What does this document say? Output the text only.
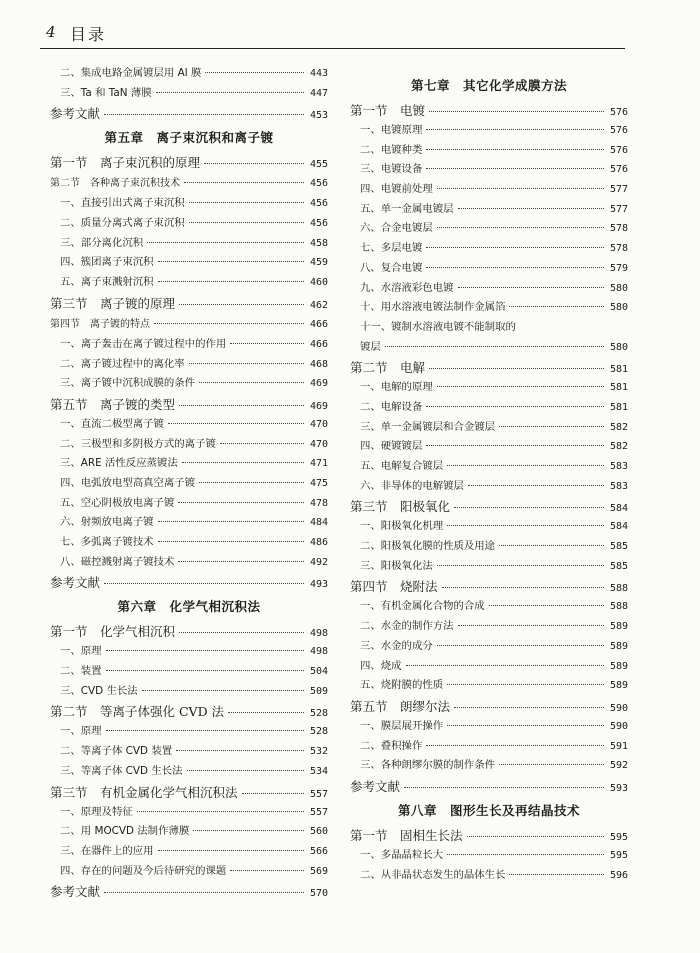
4 目录
二、集成电路金属镀层用 Al 膜	443
三、Ta 和 TaN 薄膜	447
参考文献	453
第五章　离子束沉积和离子镀
第一节　离子束沉积的原理	455
第二节　各种离子束沉积技术	456
一、直接引出式离子束沉积	456
二、质量分离式离子束沉积	456
三、部分离化沉积	458
四、簇团离子束沉积	459
五、离子束溅射沉积	460
第三节　离子镀的原理	462
第四节　离子镀的特点	466
一、离子轰击在离子镀过程中的作用	466
二、离子镀过程中的离化率	468
三、离子镀中沉积成膜的条件	469
第五节　离子镀的类型	469
一、直流二极型离子镀	470
二、三极型和多阴极方式的离子镀	470
三、ARE 活性反应蒸镀法	471
四、电弧放电型高真空离子镀	475
五、空心阴极放电离子镀	478
六、射频放电离子镀	484
七、多弧离子镀技术	486
八、磁控溅射离子镀技术	492
参考文献	493
第六章　化学气相沉积法
第一节　化学气相沉积	498
一、原理	498
二、装置	504
三、CVD 生长法	509
第二节　等离子体强化 CVD 法	528
一、原理	528
二、等离子体 CVD 装置	532
三、等离子体 CVD 生长法	534
第三节　有机金属化学气相沉积法	557
一、原理及特征	557
二、用 MOCVD 法制作薄膜	560
三、在器件上的应用	566
四、存在的问题及今后待研究的课题	569
参考文献	570
第七章　其它化学成膜方法
第一节　电镀	576
一、电镀原理	576
二、电镀种类	576
三、电镀设备	576
四、电镀前处理	577
五、单一金属电镀层	577
六、合金电镀层	578
七、多层电镀	578
八、复合电镀	579
九、水溶液彩色电镀	580
十、用水溶液电镀法制作金属箔	580
十一、镀制水溶液电镀不能制取的
镀层	580
第二节　电解	581
一、电解的原理	581
二、电解设备	581
三、单一金属镀层和合金镀层	582
四、硬镀镀层	582
五、电解复合镀层	583
六、非导体的电解镀层	583
第三节　阳极氧化	584
一、阳极氧化机理	584
二、阳极氧化膜的性质及用途	585
三、阳极氧化法	585
第四节　烧附法	588
一、有机金属化合物的合成	588
二、水金的制作方法	589
三、水金的成分	589
四、烧成	589
五、烧附膜的性质	589
第五节　朗缪尔法	590
一、膜层展开操作	590
二、叠积操作	591
三、各种朗缪尔膜的制作条件	592
参考文献	593
第八章　图形生长及再结晶技术
第一节　固相生长法	595
一、多晶晶粒长大	595
二、从非晶状态发生的晶体生长	596
